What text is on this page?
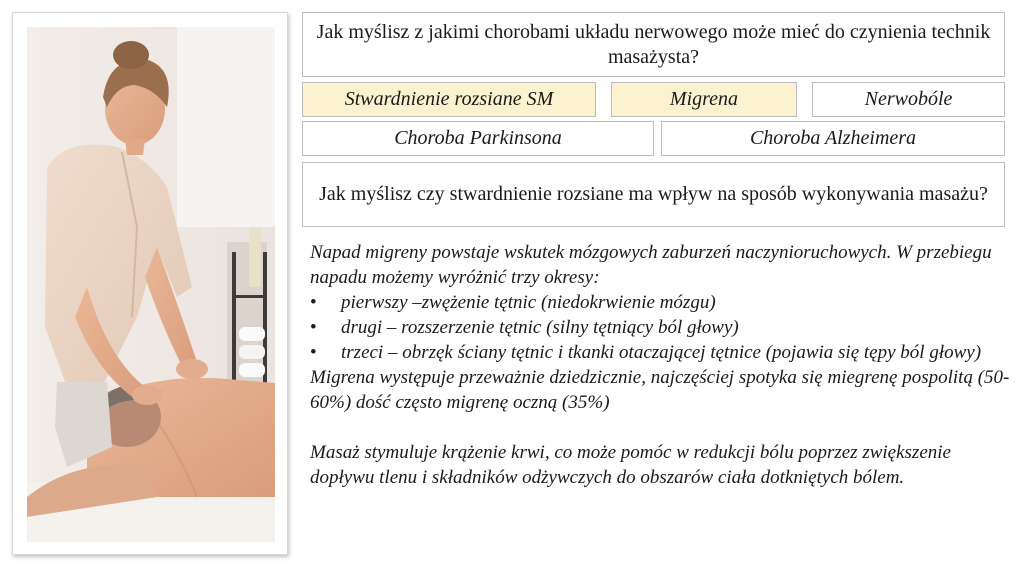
Jak myślisz z jakimi chorobami układu nerwowego może mieć do czynienia technik masażysta?
Stwardnienie rozsiane SM	Migrena	Nerwobóle
Choroba Parkinsona	Choroba Alzheimera
Jak myślisz czy stwardnienie rozsiane ma wpływ na sposób wykonywania masażu?

Napad migreny powstaje wskutek mózgowych zaburzeń naczynioruchowych. W przebiegu napadu możemy wyróżnić trzy okresy:

• pierwszy –zwężenie tętnic (niedokrwienie mózgu)
• drugi – rozszerzenie tętnic (silny tętniący ból głowy)
• trzeci – obrzęk ściany tętnic i tkanki otaczającej tętnice (pojawia się tępy ból głowy)

Migrena występuje przeważnie dziedzicznie, najczęściej spotyka się miegrenę pospolitą (50-60%) dość często migrenę oczną (35%)

Masaż stymuluje krążenie krwi, co może pomóc w redukcji bólu poprzez zwiększenie dopływu tlenu i składników odżywczych do obszarów ciała dotkniętych bólem.
